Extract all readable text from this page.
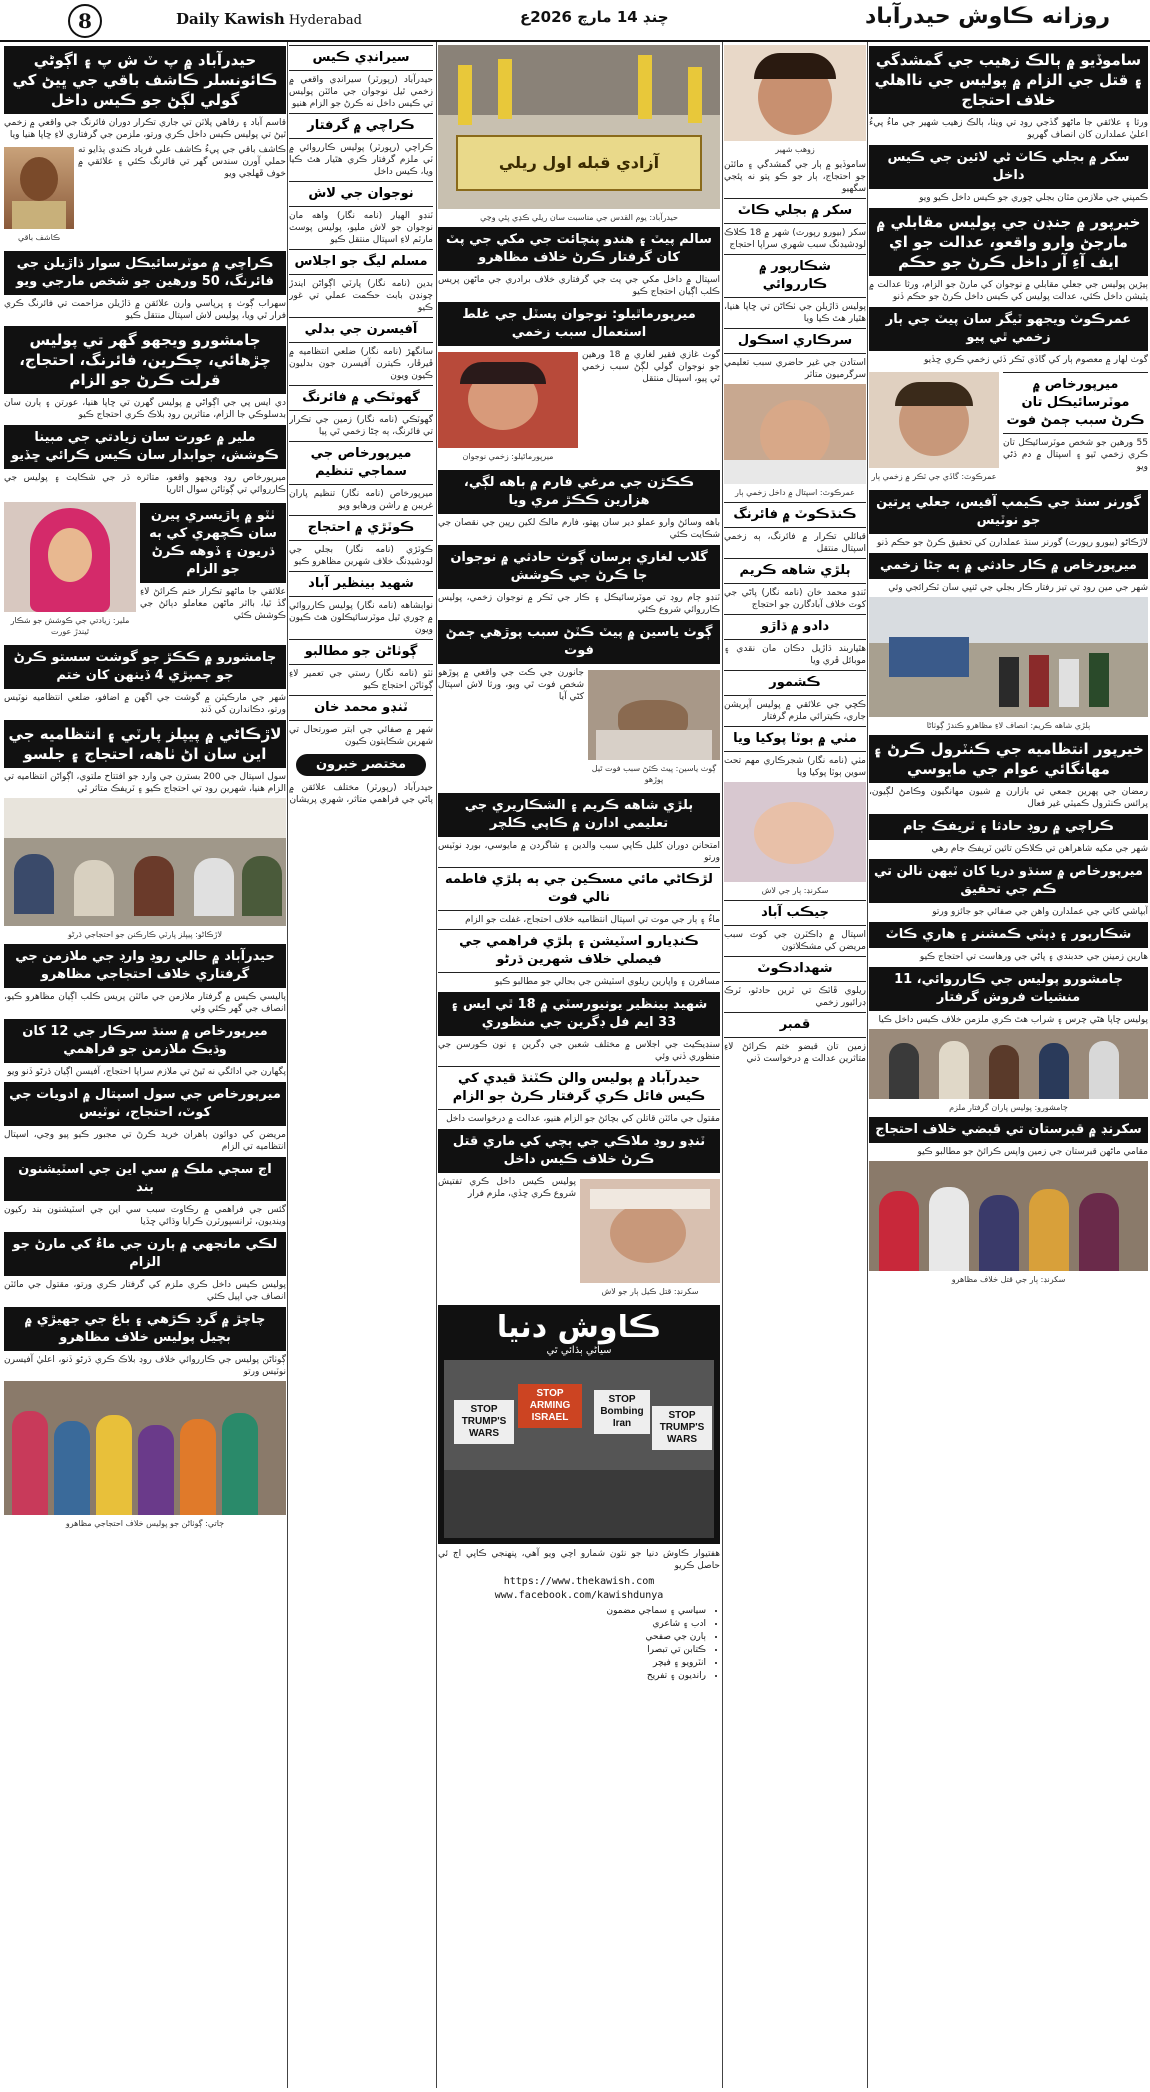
8	Daily Kawish Hyderabad	چنڊ 14 مارچ 2026ع	روزانه ڪاوش حيدرآباد
حيدرآباد ۾ پ ٽ ش پ ۽ اڳوڻي ڪائونسلر ڪاشف باقي جي ڀيڻ کي گولي لڳڻ جو ڪيس داخل

قاسم آباد ۽ رفاهي پلاٽن تي جاري تڪرار دوران فائرنگ جي واقعي ۾ زخمي ٿيڻ تي پوليس ڪيس داخل ڪري ورتو، ملزمن جي گرفتاري لاءِ ڇاپا هنيا ويا

ڪاشف باقي

ڪاشف باقي جي پيءُ ڪاشف علي فرياد ڪندي ٻڌايو ته حملي آورن سندس گهر تي فائرنگ ڪئي ۽ علائقي ۾ خوف ڦهلجي ويو

ڪراچي ۾ موٽرسائيڪل سوار ڌاڙيلن جي فائرنگ، 50 ورهين جو شخص مارجي ويو

سهراب ڳوٺ ۽ ڀرپاسي وارن علائقن ۾ ڌاڙيلن مزاحمت تي فائرنگ ڪري فرار ٿي ويا، پوليس لاش اسپتال منتقل ڪيو

ڄامشورو ويجهو گهر تي پوليس چڙهائي، چڪرين، فائرنگ، احتجاج، قرلت ڪرڻ جو الزام

دي ايس پي جي اڳواڻي ۾ پوليس گهرن تي ڇاپا هنيا، عورتن ۽ ٻارن سان بدسلوڪي جا الزام، متاثرين روڊ بلاڪ ڪري احتجاج ڪيو

ملير ۾ عورت سان زيادتي جي مبينا ڪوشش، جوابدار سان ڪيس ڪرائي ڇڏيو

ميرپورخاص روڊ ويجهو واقعو، متاثره ڌر جي شڪايت ۽ پوليس جي ڪارروائي تي ڳوٺاڻن سوال اٿاريا

ملير: زيادتي جي ڪوشش جو شڪار ٿيندڙ عورت
ٺٽو ۾ پاڙيسري پيرن سان ڪچهري کي ٻه ڌريون ۽ ڏوهه ڪرڻ جو الزام

علائقي جا ماڻهو تڪرار ختم ڪرائڻ لاءِ گڏ ٿيا، بااثر ماڻهن معاملو دٻائڻ جي ڪوشش ڪئي

ڄامشورو ۾ ڪڪڙ جو گوشت سستو ڪرڻ جو ڄمپڙي 4 ڏينهن کان ختم

شهر جي مارڪيٽن ۾ گوشت جي اگهن ۾ اضافو، ضلعي انتظاميه نوٽيس ورتو، دڪاندارن کي ڏنڊ

لاڙڪاڻي ۾ پيپلز پارٽي ۽ انتظاميه جي اين سان اڻ ٺاهه، احتجاج ۽ جلسو

سول اسپتال جي 200 بسترن جي وارڊ جو افتتاح ملتوي، اڳواڻن انتظاميه تي الزام هنيا، شهرين روڊ تي احتجاج ڪيو ۽ ٽريفڪ متاثر ٿي

لاڙڪاڻو: پيپلز پارٽي ڪارڪنن جو احتجاجي ڌرڻو
حيدرآباد ۾ حالي روڊ وارڊ جي ملازمن جي گرفتاري خلاف احتجاجي مظاهرو

پاليسي ڪيس ۾ گرفتار ملازمن جي مائٽن پريس ڪلب اڳيان مظاهرو ڪيو، انصاف جي گهر ڪئي وئي

ميرپورخاص ۾ سنڌ سرڪار جي 12 کان وڌيڪ ملازمن جو فراهمي

پگهارن جي ادائگي نه ٿيڻ تي ملازم سراپا احتجاج، آفيسن اڳيان ڌرڻو ڏنو ويو

ميرپورخاص جي سول اسپتال ۾ ادويات جي کوٽ، احتجاج، نوٽيس

مريضن کي دوائون ٻاهران خريد ڪرڻ تي مجبور ڪيو پيو وڃي، اسپتال انتظاميه تي الزام

اڄ سڄي ملڪ ۾ سي اين جي اسٽيشنون بند

گئس جي فراهمي ۾ رڪاوٽ سبب سي اين جي اسٽيشنون بند رکيون وينديون، ٽرانسپورٽرن ڪرايا وڌائي ڇڏيا

لڪي مانجهي ۾ ٻارن جي ماءُ کي مارڻ جو الزام

پوليس ڪيس داخل ڪري ملزم کي گرفتار ڪري ورتو، مقتول جي مائٽن انصاف جي اپيل ڪئي

چاچڙ ۾ گرڊ ڪڙهي ۽ باغ جي جهيڙي ۾ بچيل پوليس خلاف مظاهرو

ڳوٺاڻن پوليس جي ڪارروائي خلاف روڊ بلاڪ ڪري ڌرڻو ڏنو، اعليٰ آفيسرن نوٽيس ورتو

ڄاتي: ڳوٺاڻن جو پوليس خلاف احتجاجي مظاهرو
سيرانڊي ڪيس

حيدرآباد (رپورٽر) سيرانڊي واقعي ۾ زخمي ٿيل نوجوان جي مائٽن پوليس تي ڪيس داخل نه ڪرڻ جو الزام هنيو

ڪراچي ۾ گرفتار

ڪراچي (رپورٽر) پوليس ڪارروائي ۾ ٽي ملزم گرفتار ڪري هٿيار هٿ ڪيا ويا، ڪيس داخل

نوجوان جي لاش

ٽنڊو الهيار (نامه نگار) واهه مان نوجوان جو لاش مليو، پوليس پوسٽ مارٽم لاءِ اسپتال منتقل ڪيو

مسلم ليگ جو اجلاس

بدين (نامه نگار) پارٽي اڳواڻن ايندڙ چونڊن بابت حڪمت عملي تي غور ڪيو

آفيسرن جي بدلي

سانگهڙ (نامه نگار) ضلعي انتظاميه ۾ ڦيرڦار، ڪيترن آفيسرن جون بدليون ڪيون ويون

گهوٽڪي ۾ فائرنگ

گهوٽڪي (نامه نگار) زمين جي تڪرار تي فائرنگ، ٻه ڄڻا زخمي ٿي پيا

ميرپورخاص جي سماجي تنظيم

ميرپورخاص (نامه نگار) تنظيم پاران غريبن ۾ راشن ورهايو ويو

ڪوٽڙي ۾ احتجاج

ڪوٽڙي (نامه نگار) بجلي جي لوڊشيڊنگ خلاف شهرين مظاهرو ڪيو

شهيد بينظير آباد

نوابشاهه (نامه نگار) پوليس ڪارروائي ۾ چوري ٿيل موٽرسائيڪلون هٿ ڪيون ويون

ڳوٺاڻن جو مطالبو

ٺٽو (نامه نگار) رستي جي تعمير لاءِ ڳوٺاڻن احتجاج ڪيو

ٽنڊو محمد خان

شهر ۾ صفائي جي ابتر صورتحال تي شهرين شڪايتون ڪيون

مختصر خبرون

حيدرآباد (رپورٽر) مختلف علائقن ۾ پاڻي جي فراهمي متاثر، شهري پريشان

آزادي قبله اول ريلي
حيدرآباد: يوم القدس جي مناسبت سان ريلي ڪڍي پئي وڃي
سالم پيٽ ۽ هندو پنچائت جي مکي جي پٽ کان گرفتار ڪرڻ خلاف مظاهرو

اسپتال ۾ داخل مکي جي پٽ جي گرفتاري خلاف برادري جي ماڻهن پريس ڪلب اڳيان احتجاج ڪيو

ميرپورماٿيلو: نوجوان پسٽل جي غلط استعمال سبب زخمي
ميرپورماٿيلو: زخمي نوجوان

گوٺ غازي فقير لغاري ۾ 18 ورهين جو نوجوان گولي لڳڻ سبب زخمي ٿي پيو، اسپتال منتقل

ڪڪڙن جي مرغي فارم ۾ باهه لڳي، هزارين ڪڪڙ مري ويا

باهه وسائڻ وارو عملو دير سان پهتو، فارم مالڪ لکين رپين جي نقصان جي شڪايت ڪئي

گلاب لغاري ٻرسان ڳوٺ حادثي ۾ نوجوان جا ڪرڻ جي ڪوشش

ٽنڊو ڄام روڊ تي موٽرسائيڪل ۽ ڪار جي ٽڪر ۾ نوجوان زخمي، پوليس ڪارروائي شروع ڪئي

ڳوٺ ياسين ۾ پيٽ ڪٽڻ سبب پوڙهي ڄمڻ فوت

جانورن جي ڪٽ جي واقعي ۾ پوڙهو شخص فوت ٿي ويو، ورثا لاش اسپتال کڻي آيا

ڳوٺ ياسين: پيٽ ڪٽڻ سبب فوت ٿيل پوڙهو
ٻلڙي شاهه ڪريم ۽ الشڪاريري جي تعليمي ادارن ۾ ڪاپي ڪلچر

امتحانن دوران کليل ڪاپي سبب والدين ۽ شاگردن ۾ مايوسي، بورڊ نوٽيس ورتو

لڙڪاڻي مائي مسڪين جي ٻه ٻلڙي فاطمه نالي فوت

ماءُ ۽ ٻار جي موت تي اسپتال انتظاميه خلاف احتجاج، غفلت جو الزام

ڪنڊيارو اسٽيشن ۽ ٻلڙي فراهمي جي فيصلي خلاف شهرين ڌرڻو

مسافرن ۽ واپارين ريلوي اسٽيشن جي بحالي جو مطالبو ڪيو

شهيد بينظير يونيورسٽي ۾ 18 ٿي ايس ۽ 33 ايم فل ڊگرين جي منظوري

سنڊيڪيٽ جي اجلاس ۾ مختلف شعبن جي ڊگرين ۽ نون ڪورسن جي منظوري ڏني وئي

حيدرآباد ۾ پوليس والن ڪٽنڌ قيدي کي ڪيس فائل ڪري گرفتار ڪرڻ جو الزام

مقتول جي مائٽن قاتلن کي بچائڻ جو الزام هنيو، عدالت ۾ درخواست داخل

ٽنڊو روڊ ملاڪي جي ٻچي کي ماري قتل ڪرڻ خلاف ڪيس داخل

پوليس ڪيس داخل ڪري تفتيش شروع ڪري ڇڏي، ملزم فرار

سکرنڊ: قتل ڪيل ٻار جو لاش
ڪاوش دنيا
سياڻي ٻڌائي ٿي
STOP TRUMP'S WARS
STOP ARMING ISRAEL
STOP Bombing Iran
STOP TRUMP'S WARS

هفتيوار ڪاوش دنيا جو نئون شمارو اچي ويو آهي، پنهنجي ڪاپي اڄ ئي حاصل ڪريو

https://www.thekawish.com
www.facebook.com/kawishdunya
• سياسي ۽ سماجي مضمون
• ادب ۽ شاعري
• ٻارن جي صفحي
• ڪتابن تي تبصرا
• انٽرويو ۽ فيچر
• رانديون ۽ تفريح
زوهب شهير

ساموڏيو ۾ ٻار جي گمشدگي ۽ مائٽن جو احتجاج، ٻار جو ڪو پتو نه پئجي سگهيو

سکر ۾ بجلي ڪاٽ

سکر (بيورو رپورٽ) شهر ۾ 18 ڪلاڪ لوڊشيڊنگ سبب شهري سراپا احتجاج

شڪارپور ۾ ڪارروائي

پوليس ڌاڙيلن جي ٺڪاڻن تي ڇاپا هنيا، هٿيار هٿ ڪيا ويا

سرڪاري اسڪول

استادن جي غير حاضري سبب تعليمي سرگرميون متاثر

عمرڪوٽ: اسپتال ۾ داخل زخمي ٻار
ڪنڌڪوٽ ۾ فائرنگ

قبائلي تڪرار ۾ فائرنگ، ٻه زخمي اسپتال منتقل

ٻلڙي شاهه ڪريم

ٽنڊو محمد خان (نامه نگار) پاڻي جي کوٽ خلاف آبادگارن جو احتجاج

دادو ۾ ڌاڙو

هٿياربند ڌاڙيل دڪان مان نقدي ۽ موبائل ڦري ويا

ڪشمور

ڪچي جي علائقي ۾ پوليس آپريشن جاري، ڪيترائي ملزم گرفتار

مٺي ۾ ٻوٽا پوکيا ويا

مٺي (نامه نگار) شجرڪاري مهم تحت سوين ٻوٽا پوکيا ويا

سکرنڊ: ٻار جي لاش
جيڪب آباد

اسپتال ۾ ڊاڪٽرن جي کوٽ سبب مريضن کي مشڪلاتون

شهدادڪوٽ

ريلوي ڦاٽڪ تي ٽرين حادثو، ٽرڪ ڊرائيور زخمي

قمبر

زمين تان قبضو ختم ڪرائڻ لاءِ متاثرين عدالت ۾ درخواست ڏني

ساموڏيو ۾ ٻالڪ زهيب جي گمشدگي ۽ قتل جي الزام ۾ پوليس جي نااهلي خلاف احتجاج

ورثا ۽ علائقي جا ماڻهو گڏجي روڊ تي ويٺا، ٻالڪ زهيب شهير جي ماءُ پيءُ اعليٰ عملدارن کان انصاف گهريو

سکر ۾ بجلي ڪاٽ ڻي لائين جي ڪيس داخل

ڪمپني جي ملازمن مٿان بجلي چوري جو ڪيس داخل ڪيو ويو

خيرپور ۾ جنڊن جي پوليس مقابلي ۾ مارجڻ وارو واقعو، عدالت جو اي ايف آءِ آر داخل ڪرڻ جو حڪم

ٻيڙين پوليس جي جعلي مقابلي ۾ نوجوان کي مارڻ جو الزام، ورثا عدالت ۾ پٽيشن داخل ڪئي، عدالت پوليس کي ڪيس داخل ڪرڻ جو حڪم ڏنو

عمرڪوٽ ويجهو ٽيگر سان پيٽ جي ٻار زخمي ٿي پيو

گوٺ لهار ۾ معصوم ٻار کي گاڏي ٽڪر ڏئي زخمي ڪري ڇڏيو

عمرڪوٽ: گاڏي جي ٽڪر ۾ زخمي ٻار
ميرپورخاص ۾ موٽرسائيڪل تان ڪرڻ سبب ڄمڻ فوت

55 ورهين جو شخص موٽرسائيڪل تان ڪري زخمي ٿيو ۽ اسپتال ۾ دم ڌڻي ويو

گورنر سنڌ جي ڪيمپ آفيس، جعلي ڀرتين جو نوٽيس

لاڙڪاڻو (بيورو رپورٽ) گورنر سنڌ عملدارن کي تحقيق ڪرڻ جو حڪم ڏنو

ميرپورخاص ۾ ڪار حادثي ۾ ٻه ڄڻا زخمي

شهر جي مين روڊ تي تيز رفتار ڪار بجلي جي ٿنڀي سان ٽڪرائجي وئي

ٻلڙي شاهه ڪريم: انصاف لاءِ مظاهرو ڪندڙ ڳوٺاڻا
خيرپور انتظاميه جي ڪنٽرول ڪرڻ ۽ مهانگائي عوام جي مايوسي

رمضان جي پهرين جمعي تي بازارن ۾ شيون مهانگيون وڪامڻ لڳيون، پرائس ڪنٽرول ڪميٽي غير فعال

ڪراچي ۾ روڊ حادثا ۽ ٽريفڪ جام

شهر جي مکيه شاهراهن تي ڪلاڪن تائين ٽريفڪ جام رهي

ميرپورخاص ۾ سنڌو دريا کان ٽيهن نالن تي ڪم جي تحقيق

آبپاشي کاتي جي عملدارن واهن جي صفائي جو جائزو ورتو

شڪارپور ۽ ڊپٽي ڪمشنر ۽ هاري ڪاٽ

هارين زمينن جي حدبندي ۽ پاڻي جي ورهاست تي احتجاج ڪيو

ڄامشورو پوليس جي ڪارروائي، 11 منشيات فروش گرفتار

پوليس ڇاپا هڻي چرس ۽ شراب هٿ ڪري ملزمن خلاف ڪيس داخل ڪيا

ڄامشورو: پوليس پاران گرفتار ملزم
سکرنڊ ۾ قبرستان تي قبضي خلاف احتجاج

مقامي ماڻهن قبرستان جي زمين واپس ڪرائڻ جو مطالبو ڪيو

سکرنڊ: ٻار جي قتل خلاف مظاهرو
